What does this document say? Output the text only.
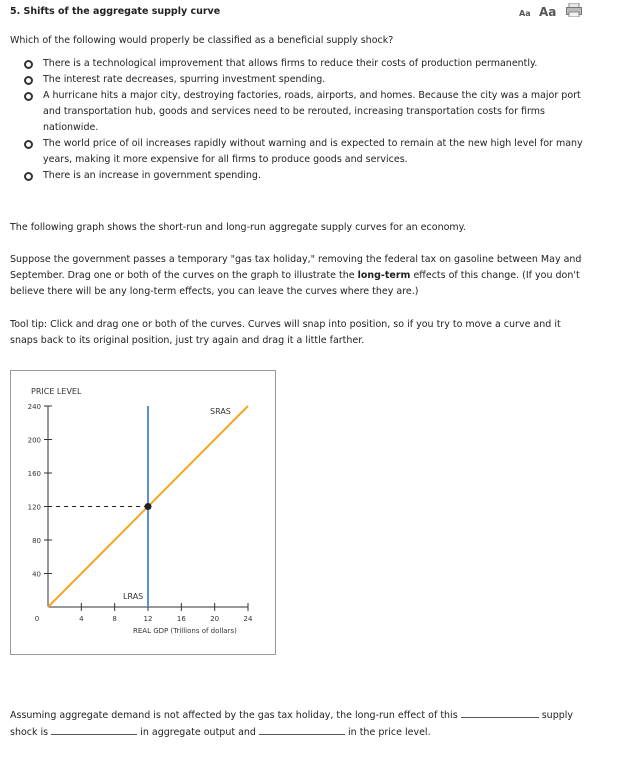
5. Shifts of the aggregate supply curve	Aa Aa
Which of the following would properly be classified as a beneficial supply shock?
There is a technological improvement that allows firms to reduce their costs of production permanently.
The interest rate decreases, spurring investment spending.
A hurricane hits a major city, destroying factories, roads, airports, and homes. Because the city was a major port and transportation hub, goods and services need to be rerouted, increasing transportation costs for firms nationwide.
The world price of oil increases rapidly without warning and is expected to remain at the new high level for many years, making it more expensive for all firms to produce goods and services.
There is an increase in government spending.
The following graph shows the short-run and long-run aggregate supply curves for an economy.
Suppose the government passes a temporary "gas tax holiday," removing the federal tax on gasoline between May and September. Drag one or both of the curves on the graph to illustrate the long-term effects of this change. (If you don't believe there will be any long-term effects, you can leave the curves where they are.)
Tool tip: Click and drag one or both of the curves. Curves will snap into position, so if you try to move a curve and it snaps back to its original position, just try again and drag it a little farther.
PRICE LEVEL
REAL GDP (Trillions of dollars)
40
80
120
160
200
240
0	4	8	12	16	20	24
SRAS
LRAS
Assuming aggregate demand is not affected by the gas tax holiday, the long-run effect of this	supply
shock is	in aggregate output and	in the price level.
